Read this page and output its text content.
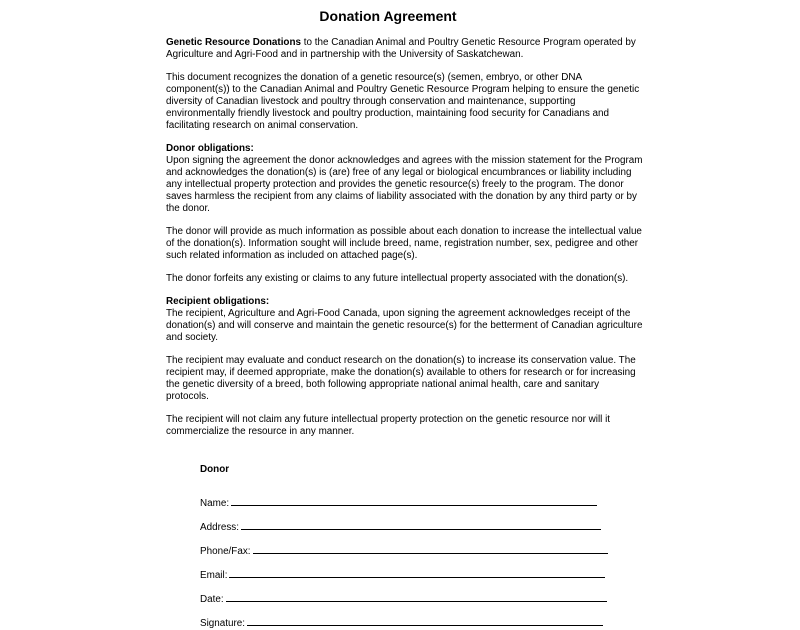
Donation Agreement

Genetic Resource Donations to the Canadian Animal and Poultry Genetic Resource Program operated by Agriculture and Agri-Food and in partnership with the University of Saskatchewan.

This document recognizes the donation of a genetic resource(s) (semen, embryo, or other DNA component(s)) to the Canadian Animal and Poultry Genetic Resource Program helping to ensure the genetic diversity of Canadian livestock and poultry through conservation and maintenance, supporting environmentally friendly livestock and poultry production, maintaining food security for Canadians and facilitating research on animal conservation.

Donor obligations:

Upon signing the agreement the donor acknowledges and agrees with the mission statement for the Program and acknowledges the donation(s) is (are) free of any legal or biological encumbrances or liability including any intellectual property protection and provides the genetic resource(s) freely to the program. The donor saves harmless the recipient from any claims of liability associated with the donation by any third party or by the donor.

The donor will provide as much information as possible about each donation to increase the intellectual value of the donation(s). Information sought will include breed, name, registration number, sex, pedigree and other such related information as included on attached page(s).

The donor forfeits any existing or claims to any future intellectual property associated with the donation(s).

Recipient obligations:

The recipient, Agriculture and Agri-Food Canada, upon signing the agreement acknowledges receipt of the donation(s) and will conserve and maintain the genetic resource(s) for the betterment of Canadian agriculture and society.

The recipient may evaluate and conduct research on the donation(s) to increase its conservation value. The recipient may, if deemed appropriate, make the donation(s) available to others for research or for increasing the genetic diversity of a breed, both following appropriate national animal health, care and sanitary protocols.

The recipient will not claim any future intellectual property protection on the genetic resource nor will it commercialize the resource in any manner.

Donor

Name:
Address:
Phone/Fax:
Email:
Date:
Signature:
